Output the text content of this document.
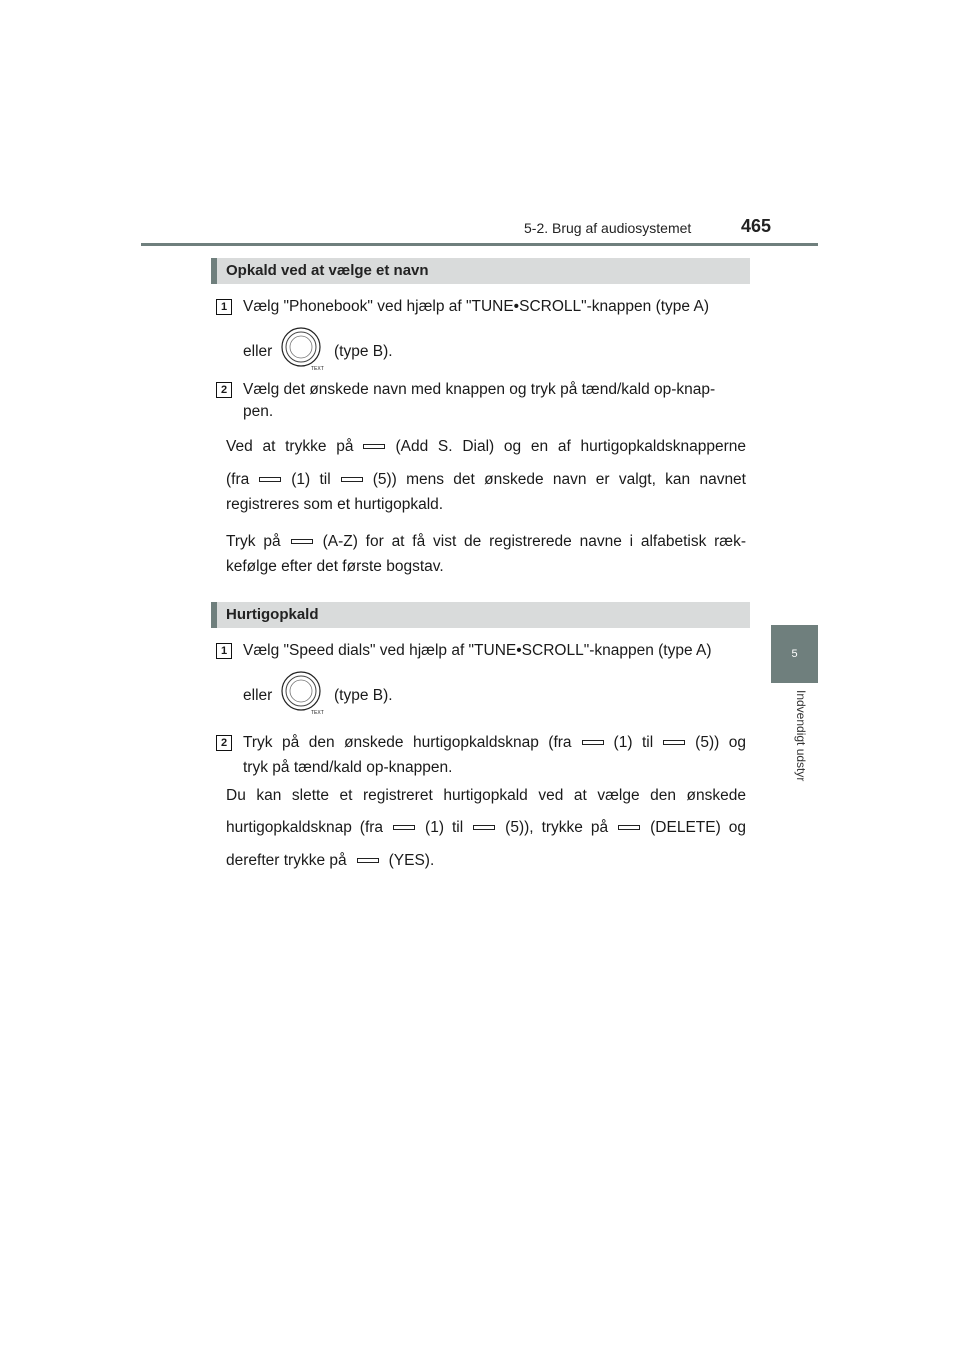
5-2. Brug af audiosystemet	465
5
Indvendigt udstyr
Opkald ved at vælge et navn
1	Vælg "Phonebook" ved hjælp af "TUNE•SCROLL"-knappen (type A)
eller
TEXT
(type B).
2	Vælg det ønskede navn med knappen og tryk på tænd/kald op-knap-
pen.
Ved at trykke på	(Add S. Dial) og en af hurtigopkaldsknapperne
(fra	(1) til	(5)) mens det ønskede navn er valgt, kan navnet
registreres som et hurtigopkald.
Tryk på	(A-Z) for at få vist de registrerede navne i alfabetisk ræk-
kefølge efter det første bogstav.
Hurtigopkald
1	Vælg "Speed dials" ved hjælp af "TUNE•SCROLL"-knappen (type A)
eller
TEXT
(type B).
2	Tryk på den ønskede hurtigopkaldsknap (fra	(1) til	(5)) og
tryk på tænd/kald op-knappen.
Du kan slette et registreret hurtigopkald ved at vælge den ønskede
hurtigopkaldsknap (fra	(1) til	(5)), trykke på	(DELETE) og
derefter trykke på	(YES).
